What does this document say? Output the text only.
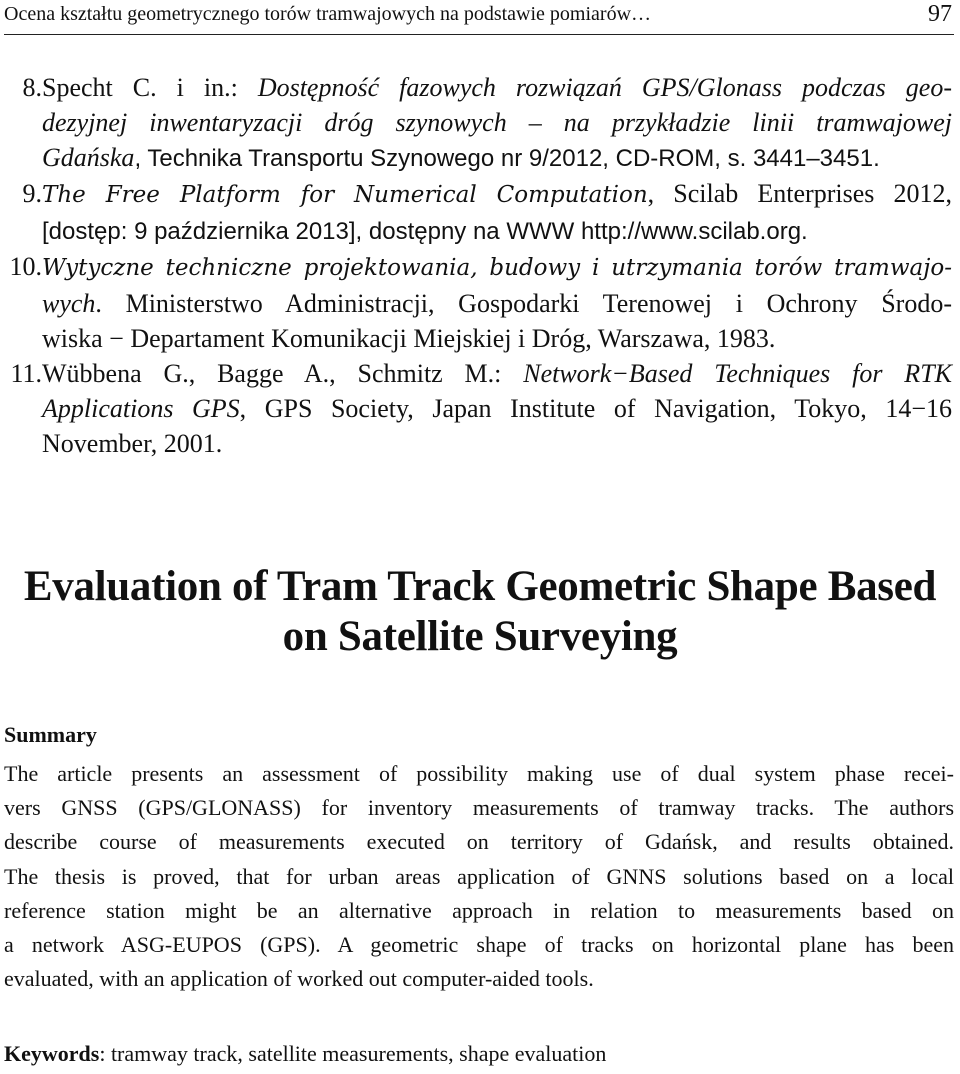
Ocena kształtu geometrycznego torów tramwajowych na podstawie pomiarów…	97
8. Specht C. i in.: Dostępność fazowych rozwiązań GPS/Glonass podczas geo-
dezyjnej inwentaryzacji dróg szynowych – na przykładzie linii tramwajowej
Gdańska, Technika Transportu Szynowego nr 9/2012, CD-ROM, s. 3441–3451.
9. The Free Platform for Numerical Computation, Scilab Enterprises 2012,
[dostęp: 9 października 2013], dostępny na WWW http://www.scilab.org.
10. Wytyczne techniczne projektowania, budowy i utrzymania torów tramwajo-
wych. Ministerstwo Administracji, Gospodarki Terenowej i Ochrony Środo-
wiska − Departament Komunikacji Miejskiej i Dróg, Warszawa, 1983.
11. Wübbena G., Bagge A., Schmitz M.: Network−Based Techniques for RTK
Applications GPS, GPS Society, Japan Institute of Navigation, Tokyo, 14−16
November, 2001.
Evaluation of Tram Track Geometric Shape Based
on Satellite Surveying
Summary
The article presents an assessment of possibility making use of dual system phase recei-
vers GNSS (GPS/GLONASS) for inventory measurements of tramway tracks. The authors
describe course of measurements executed on territory of Gdańsk, and results obtained.
The thesis is proved, that for urban areas application of GNNS solutions based on a local
reference station might be an alternative approach in relation to measurements based on
a network ASG-EUPOS (GPS). A geometric shape of tracks on horizontal plane has been
evaluated, with an application of worked out computer-aided tools.
Keywords: tramway track, satellite measurements, shape evaluation
